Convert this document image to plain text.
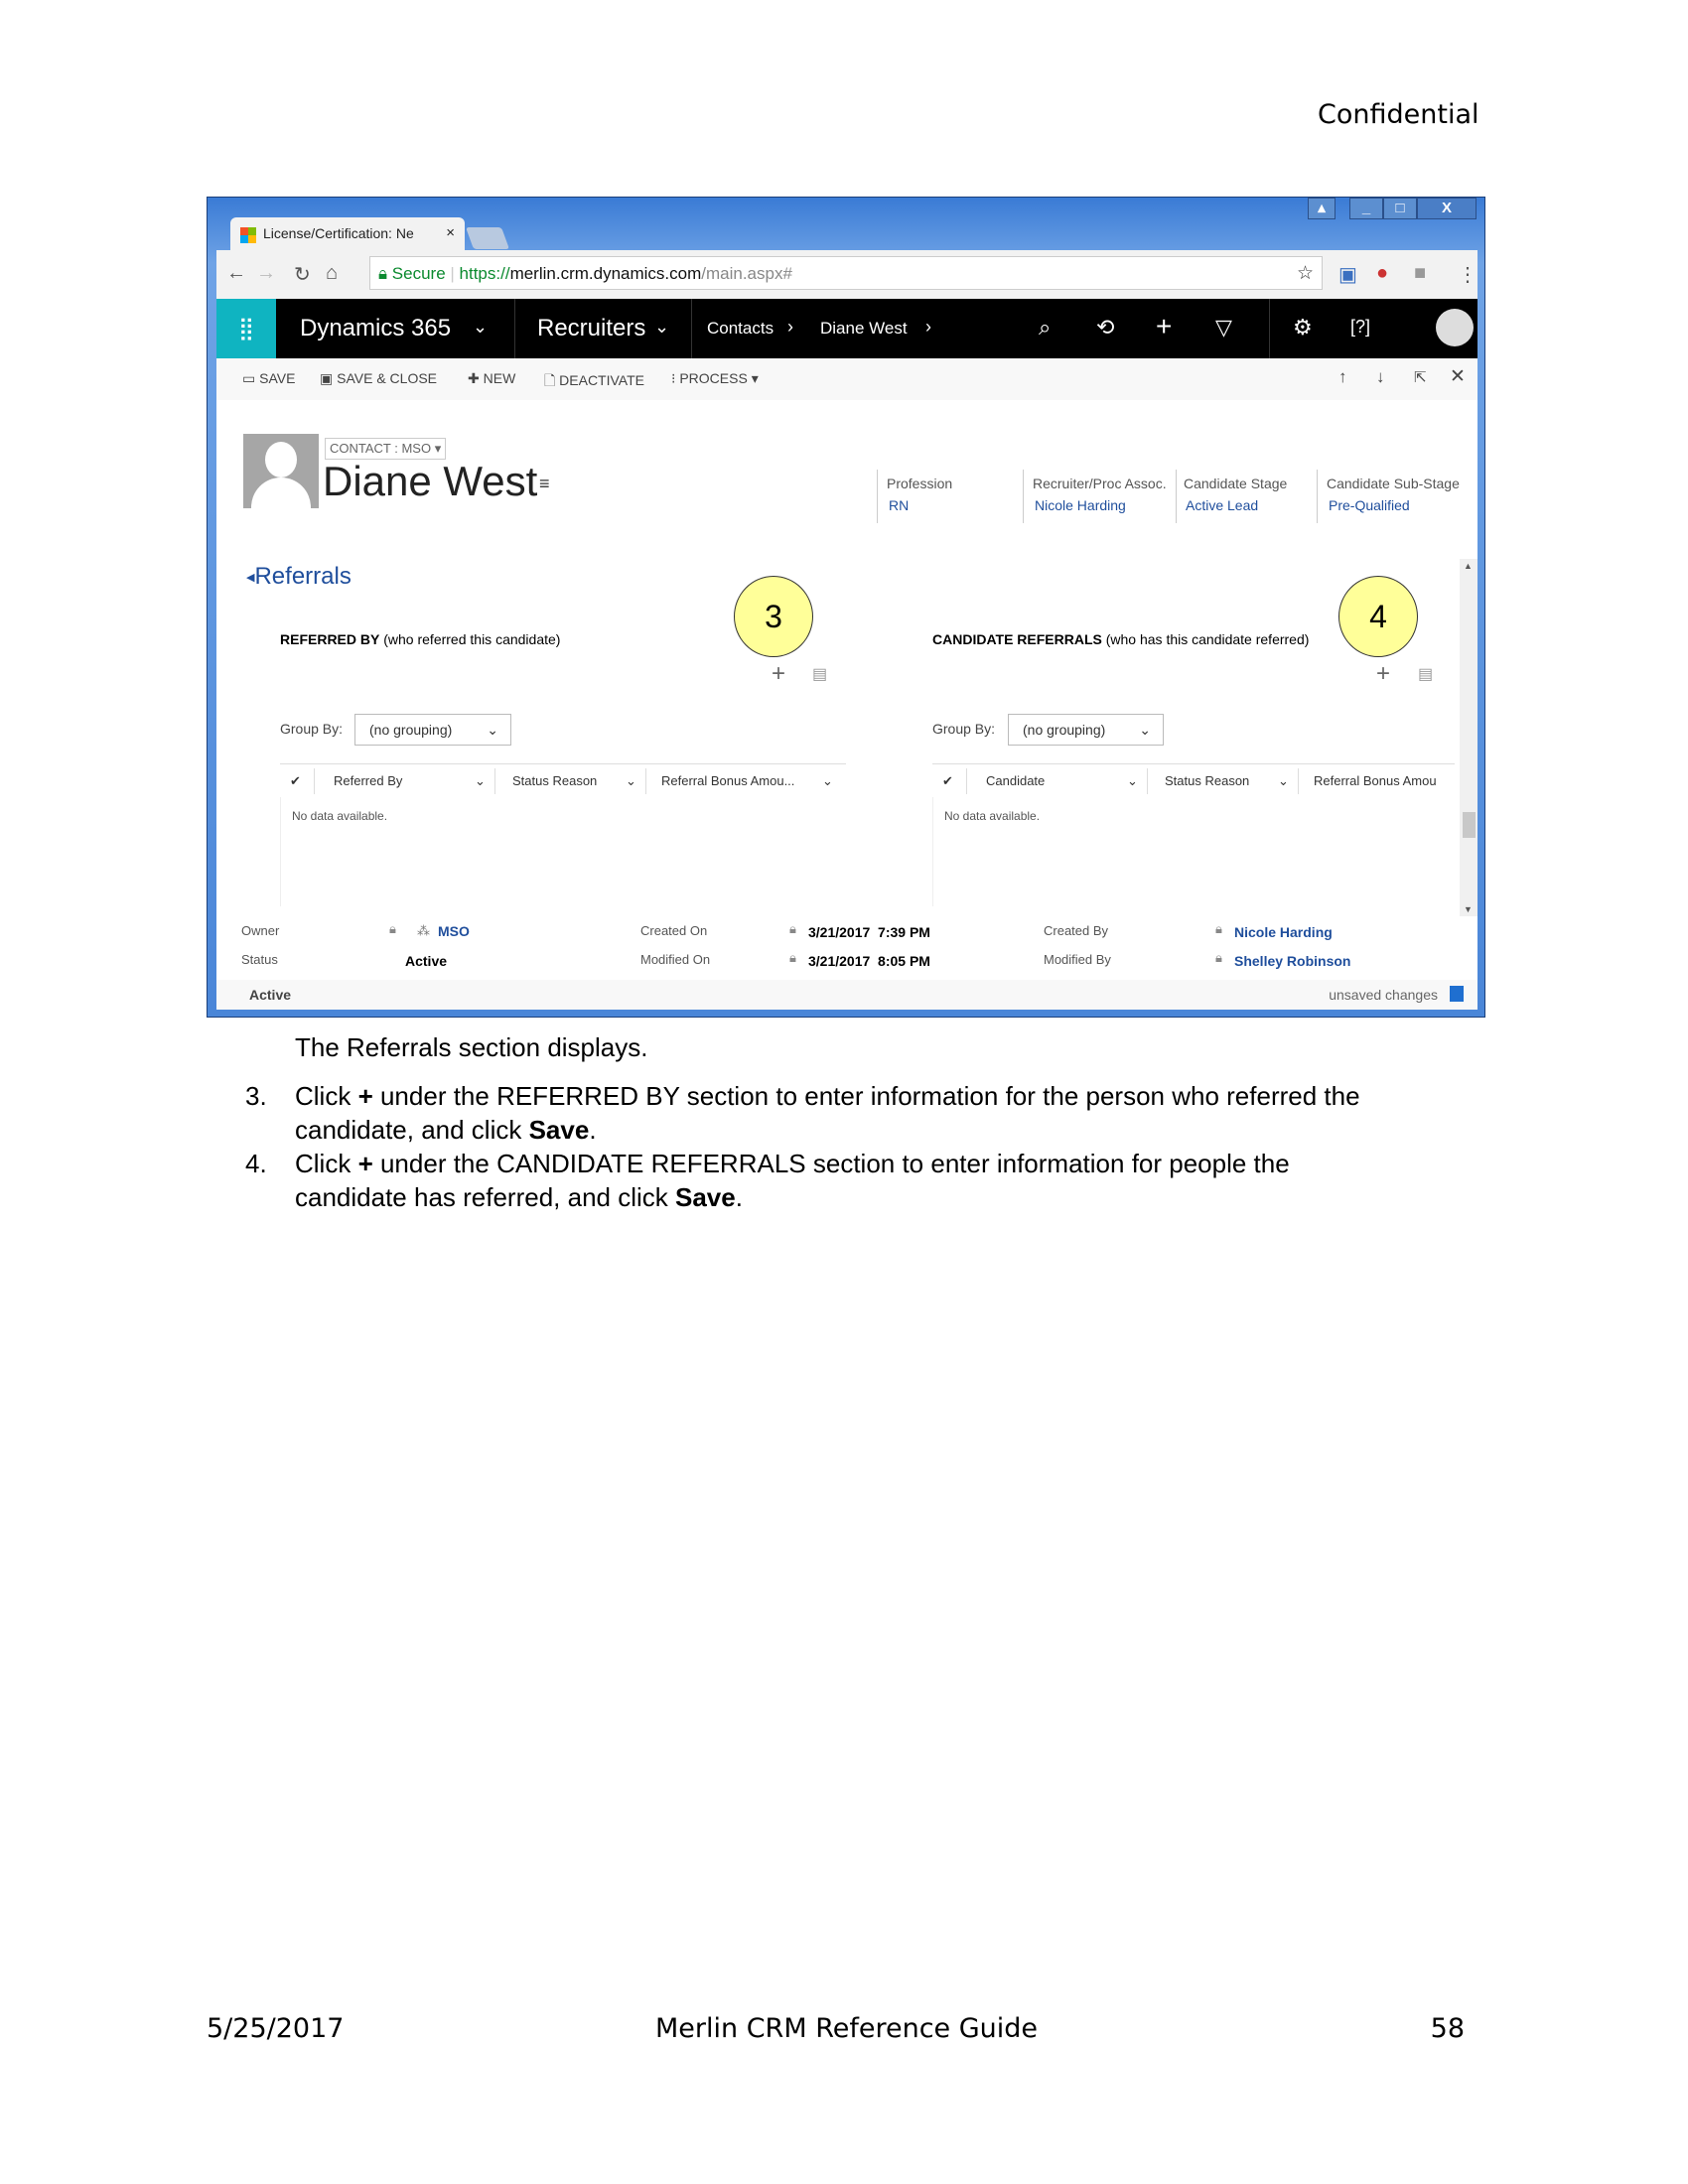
Confidential
▴	_	□	X
License/Certification: Ne ×
← → ↻ ⌂	🔒︎ Secure | https://merlin.crm.dynamics.com/main.aspx#	☆ ▣ ● ■ ⋮
⣿	Dynamics 365 ⌄ Recruiters ⌄ Contacts › Diane West ›	⌕ ⟲ + ▽	⚙ [?]
▭ SAVE ▣ SAVE & CLOSE ✚ NEW 🗋︎ DEACTIVATE ⁝ PROCESS ▾	↑ ↓ ⇱ ✕
CONTACT : MSO ▾
Diane West ≡	Profession
RN
Recruiter/Proc Assoc.
Nicole Harding
Candidate Stage
Active Lead
Candidate Sub-Stage
Pre-Qualified
◀Referrals
REFERRED BY (who referred this candidate)
3
+ ▤
Group By:	(no grouping) ⌄
✔	Referred By	⌄ Status Reason ⌄ Referral Bonus Amou... ⌄
No data available.
CANDIDATE REFERRALS (who has this candidate referred)
4
+ ▤
Group By:	(no grouping) ⌄
✔	Candidate	⌄ Status Reason ⌄ Referral Bonus Amou
No data available.
▲
▼
Owner	🔒︎ ⁂ MSO
Status	Active
Created On	🔒︎ 3/21/2017  7:39 PM
Modified On	🔒︎ 3/21/2017  8:05 PM
Created By	🔒︎ Nicole Harding
Modified By	🔒︎ Shelley Robinson
Active	unsaved changes
The Referrals section displays.
3. Click + under the REFERRED BY section to enter information for the person who referred the
candidate, and click Save.
4. Click + under the CANDIDATE REFERRALS section to enter information for people the
candidate has referred, and click Save.
5/25/2017	Merlin CRM Reference Guide	58
